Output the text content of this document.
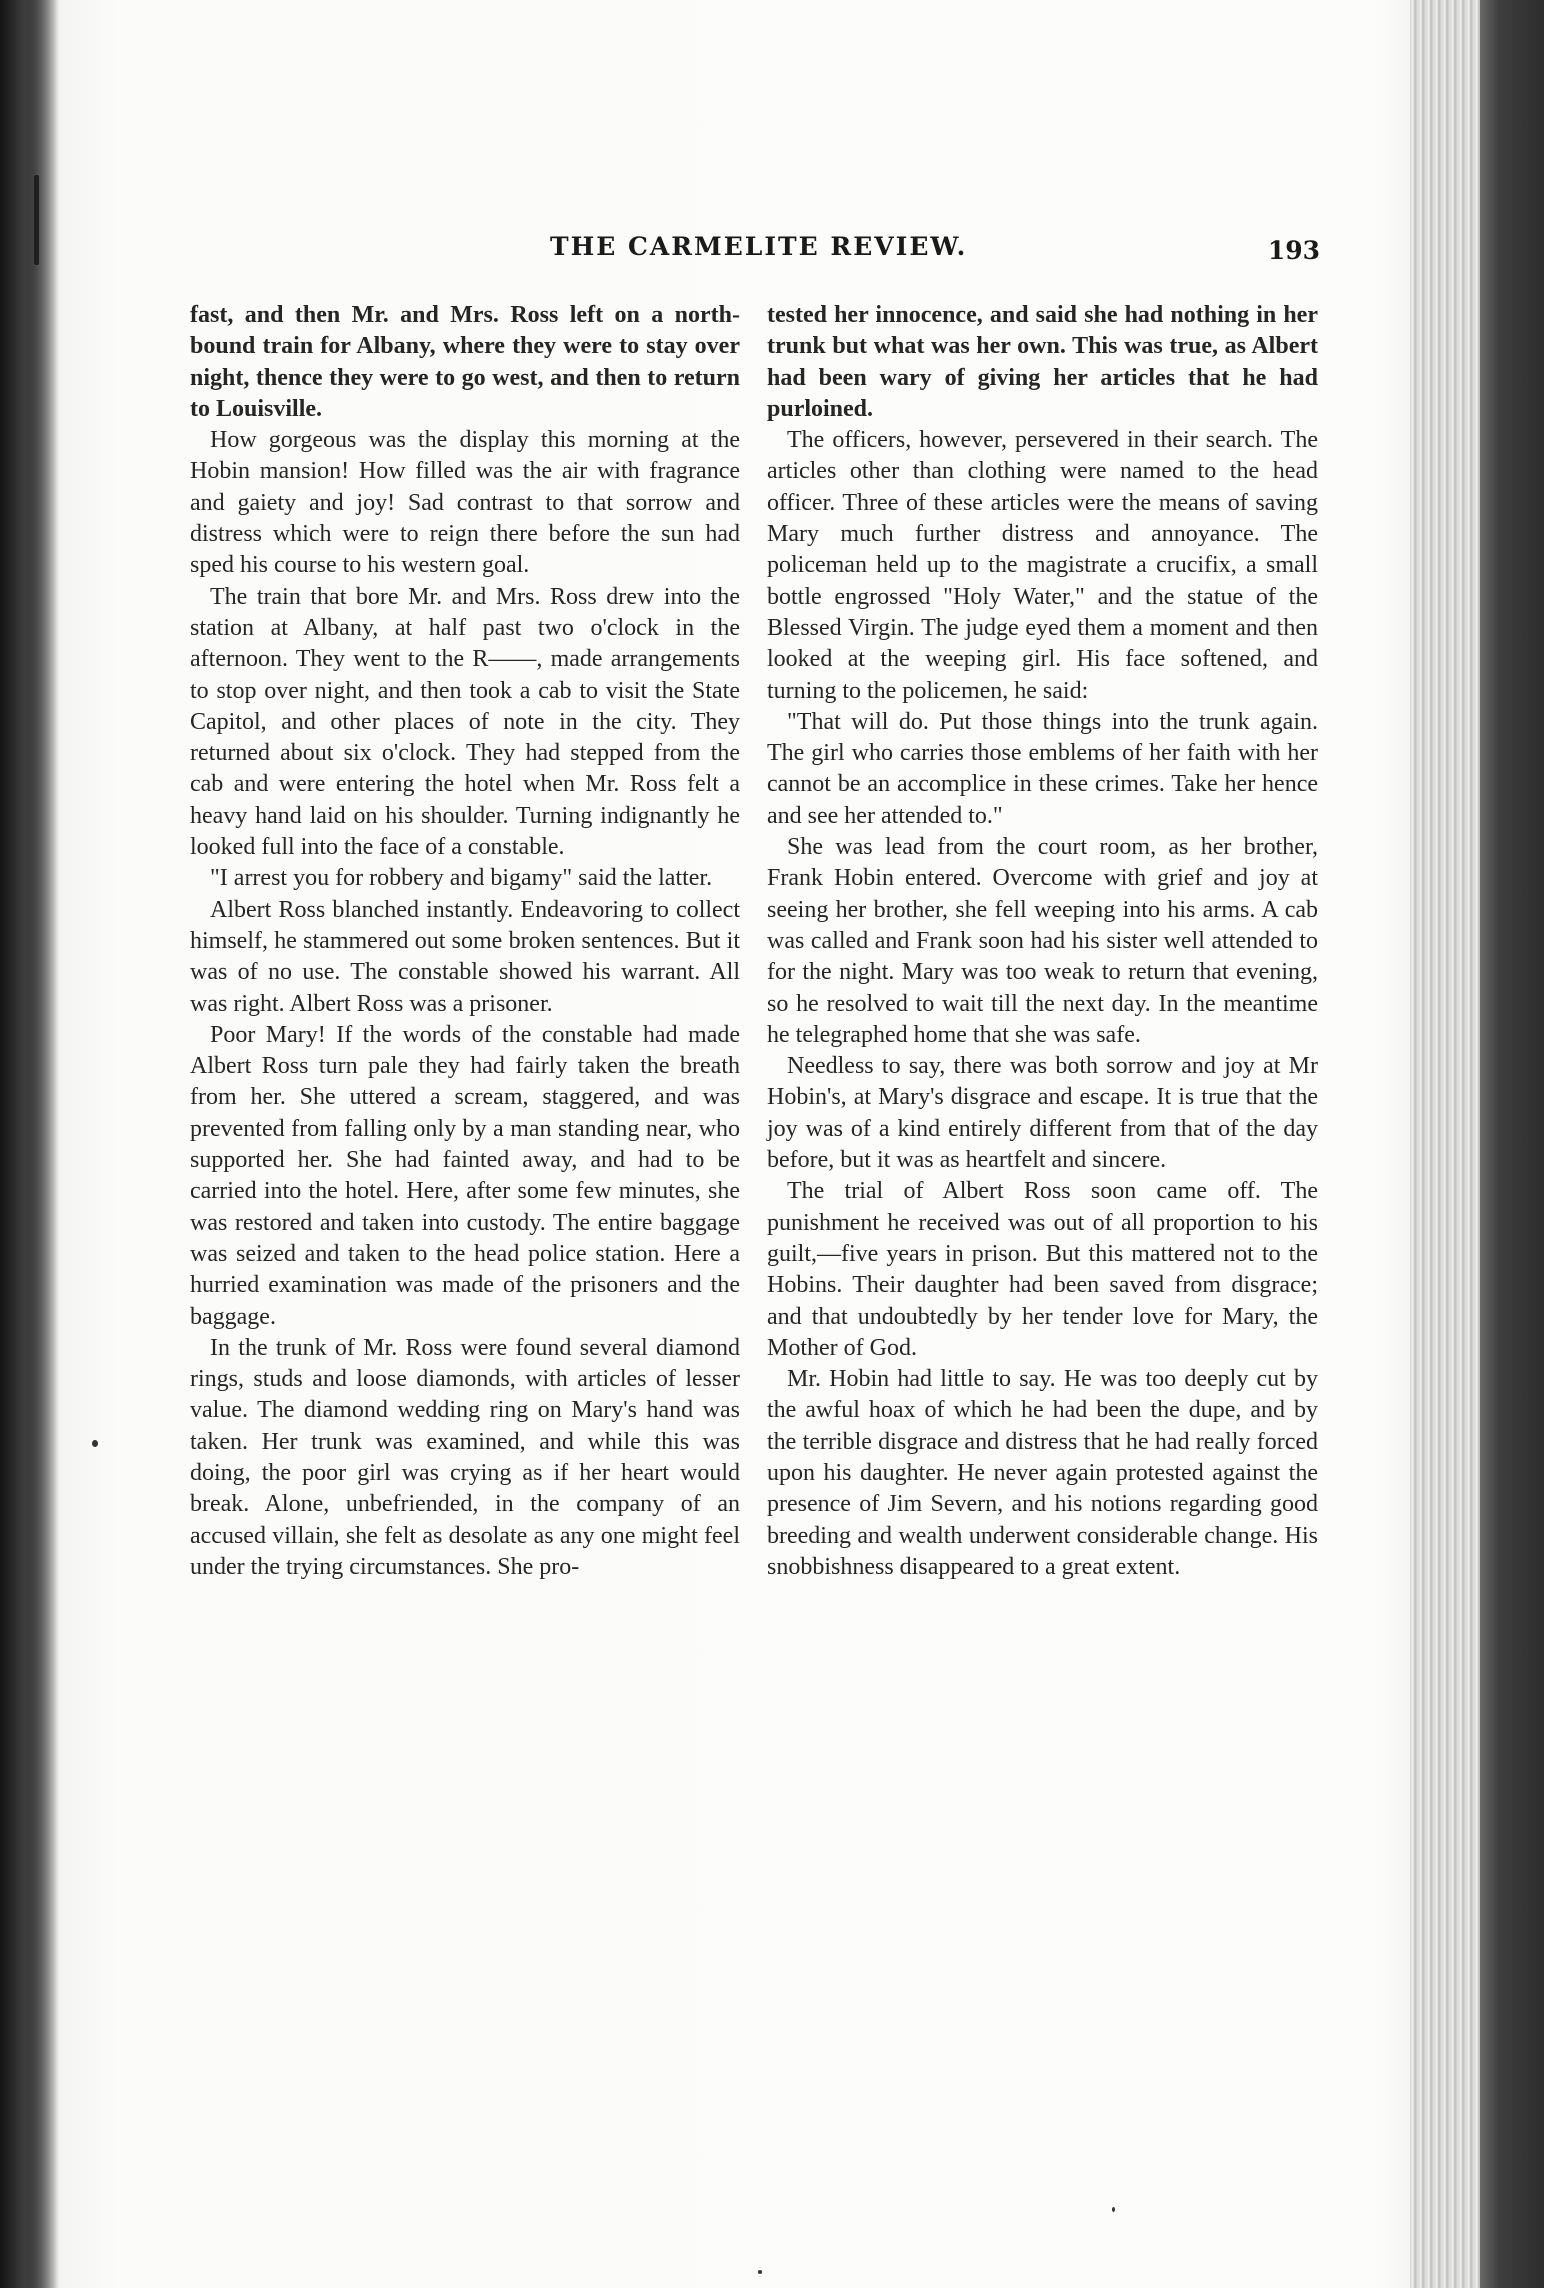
THE CARMELITE REVIEW.	193

fast, and then Mr. and Mrs. Ross left on a north-bound train for Albany, where they were to stay over night, thence they were to go west, and then to return to Louisville.

How gorgeous was the display this morning at the Hobin mansion! How filled was the air with fragrance and gaiety and joy! Sad contrast to that sorrow and distress which were to reign there before the sun had sped his course to his western goal.

The train that bore Mr. and Mrs. Ross drew into the station at Albany, at half past two o'clock in the afternoon. They went to the R——, made arrangements to stop over night, and then took a cab to visit the State Capitol, and other places of note in the city. They returned about six o'clock. They had stepped from the cab and were entering the hotel when Mr. Ross felt a heavy hand laid on his shoulder. Turning indignantly he looked full into the face of a constable.

"I arrest you for robbery and bigamy" said the latter.

Albert Ross blanched instantly. Endeavoring to collect himself, he stammered out some broken sentences. But it was of no use. The constable showed his warrant. All was right. Albert Ross was a prisoner.

Poor Mary! If the words of the constable had made Albert Ross turn pale they had fairly taken the breath from her. She uttered a scream, staggered, and was prevented from falling only by a man standing near, who supported her. She had fainted away, and had to be carried into the hotel. Here, after some few minutes, she was restored and taken into custody. The entire baggage was seized and taken to the head police station. Here a hurried examination was made of the prisoners and the baggage.

In the trunk of Mr. Ross were found several diamond rings, studs and loose diamonds, with articles of lesser value. The diamond wedding ring on Mary's hand was taken. Her trunk was examined, and while this was doing, the poor girl was crying as if her heart would break. Alone, unbefriended, in the company of an accused villain, she felt as desolate as any one might feel under the trying circumstances. She pro-

tested her innocence, and said she had nothing in her trunk but what was her own. This was true, as Albert had been wary of giving her articles that he had purloined.

The officers, however, persevered in their search. The articles other than clothing were named to the head officer. Three of these articles were the means of saving Mary much further distress and annoyance. The policeman held up to the magistrate a crucifix, a small bottle engrossed "Holy Water," and the statue of the Blessed Virgin. The judge eyed them a moment and then looked at the weeping girl. His face softened, and turning to the policemen, he said:

"That will do. Put those things into the trunk again. The girl who carries those emblems of her faith with her cannot be an accomplice in these crimes. Take her hence and see her attended to."

She was lead from the court room, as her brother, Frank Hobin entered. Overcome with grief and joy at seeing her brother, she fell weeping into his arms. A cab was called and Frank soon had his sister well attended to for the night. Mary was too weak to return that evening, so he resolved to wait till the next day. In the meantime he telegraphed home that she was safe.

Needless to say, there was both sorrow and joy at Mr Hobin's, at Mary's disgrace and escape. It is true that the joy was of a kind entirely different from that of the day before, but it was as heartfelt and sincere.

The trial of Albert Ross soon came off. The punishment he received was out of all proportion to his guilt,—five years in prison. But this mattered not to the Hobins. Their daughter had been saved from disgrace; and that undoubtedly by her tender love for Mary, the Mother of God.

Mr. Hobin had little to say. He was too deeply cut by the awful hoax of which he had been the dupe, and by the terrible disgrace and distress that he had really forced upon his daughter. He never again protested against the presence of Jim Severn, and his notions regarding good breeding and wealth underwent considerable change. His snobbishness disappeared to a great extent.
